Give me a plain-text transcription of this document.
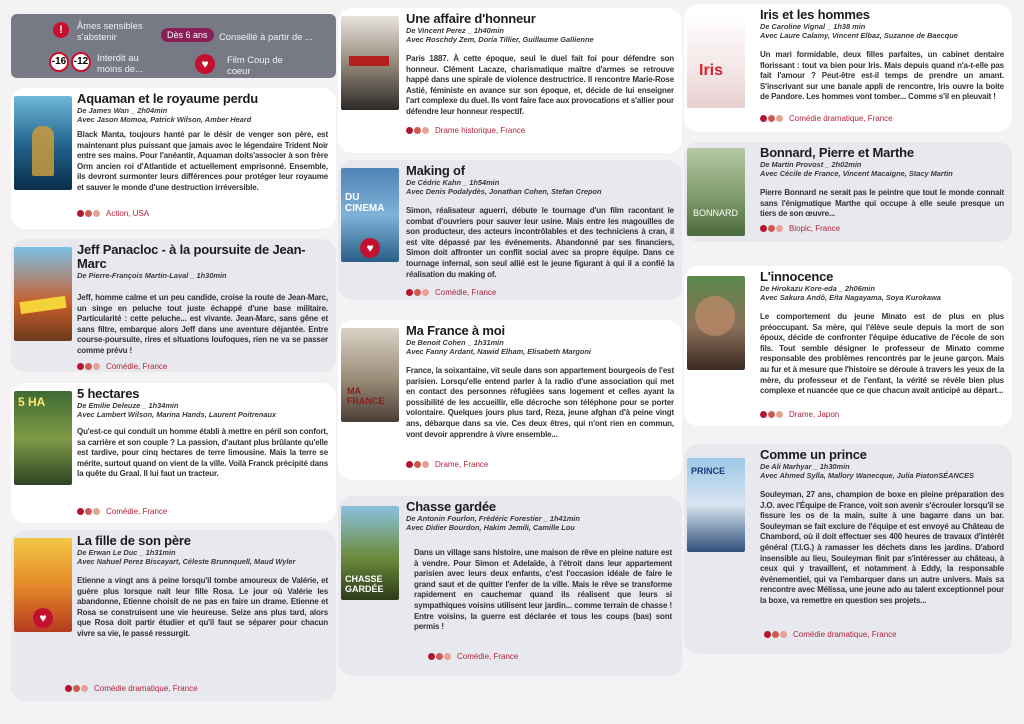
!	Âmes sensibles s'abstenir	Dès 6 ans	Conseillé à partir de ...
-16 -12 Interdit au moins de...	♥	Film Coup de coeur
Aquaman et le royaume perdu
De James Wan _ 2h04min
Avec Jason Momoa, Patrick Wilson, Amber Heard
Black Manta, toujours hanté par le désir de venger son père, est maintenant plus puissant que jamais avec le légendaire Trident Noir entre ses mains. Pour l'anéantir, Aquaman doits'associer à son frère Orm ancien roi d'Atlantide et actuellement emprisonné. Ensemble, ils devront surmonter leurs différences pour protéger leur royaume et sauver le monde d'une destruction irréversible.
Action, USA
Jeff Panacloc - à la poursuite de Jean-Marc
De Pierre-François Martin-Laval _ 1h30min
Jeff, homme calme et un peu candide, croise la route de Jean-Marc, un singe en peluche tout juste échappé d'une base militaire. Particularité : cette peluche... est vivante. Jean-Marc, sans gêne et sans filtre, embarque alors Jeff dans une aventure déjantée. Entre course-poursuite, rires et situations loufoques, rien ne va se passer comme prévu !
Comédie, France
5 HA
5 hectares
De Emilie Deleuze _ 1h34min
Avec Lambert Wilson, Marina Hands, Laurent Poitrenaux
Qu'est-ce qui conduit un homme établi à mettre en péril son confort, sa carrière et son couple ? La passion, d'autant plus brûlante qu'elle est tardive, pour cinq hectares de terre limousine. Mais la terre se mérite, surtout quand on vient de la ville. Voilà Franck précipité dans la quête du Graal. Il lui faut un tracteur.
Comédie, France
♥
La fille de son père
De Erwan Le Duc _ 1h31min
Avec Nahuel Perez Biscayart, Céleste Brunnquell, Maud Wyler
Etienne a vingt ans à peine lorsqu'il tombe amoureux de Valérie, et guère plus lorsque naît leur fille Rosa. Le jour où Valérie les abandonne, Etienne choisit de ne pas en faire un drame. Etienne et Rosa se construisent une vie heureuse. Seize ans plus tard, alors que Rosa doit partir étudier et qu'il faut se séparer pour chacun vivre sa vie, le passé ressurgit.
Comédie dramatique, France
Une affaire d'honneur
De Vincent Perez _ 1h40min
Avec Roschdy Zem, Doria Tillier, Guillaume Gallienne
Paris 1887. À cette époque, seul le duel fait foi pour défendre son honneur. Clément Lacaze, charismatique maître d'armes se retrouve happé dans une spirale de violence destructrice. Il rencontre Marie-Rose Astié, féministe en avance sur son époque, et, décide de lui enseigner l'art complexe du duel. Ils vont faire face aux provocations et s'allier pour défendre leur honneur respectif.
Drame historique, France
DU CINEMA
♥
Making of
De Cédric Kahn _ 1h54min
Avec Denis Podalydès, Jonathan Cohen, Stefan Crepon
Simon, réalisateur aguerri, débute le tournage d'un film racontant le combat d'ouvriers pour sauver leur usine. Mais entre les magouilles de son producteur, des acteurs incontrôlables et des techniciens à cran, il est vite dépassé par les événements. Abandonné par ses financiers, Simon doit affronter un conflit social avec sa propre équipe. Dans ce tournage infernal, son seul allié est le jeune figurant à qui il a confié la réalisation du making of.
Comédie, France
MA FRANCE
Ma France à moi
De Benoit Cohen _ 1h31min
Avec Fanny Ardant, Nawid Elham, Elisabeth Margoni
France, la soixantaine, vit seule dans son appartement bourgeois de l'est parisien. Lorsqu'elle entend parler à la radio d'une association qui met en contact des personnes réfugiées sans logement et celles ayant la possibilité de les accueillir, elle décroche son téléphone pour se porter volontaire. Quelques jours plus tard, Reza, jeune afghan d'à peine vingt ans, débarque dans sa vie. Ces deux êtres, qui n'ont rien en commun, vont devoir apprendre à vivre ensemble...
Drame, France
CHASSE GARDÉE
Chasse gardée
De Antonin Fourlon, Frédéric Forestier _ 1h41min
Avec Didier Bourdon, Hakim Jemili, Camille Lou
Dans un village sans histoire, une maison de rêve en pleine nature est à vendre. Pour Simon et Adelaïde, à l'étroit dans leur appartement parisien avec leurs deux enfants, c'est l'occasion idéale de faire le grand saut et de quitter l'enfer de la ville. Mais le rêve se transforme rapidement en cauchemar quand ils réalisent que leurs si sympathiques voisins utilisent leur jardin... comme terrain de chasse ! Entre voisins, la guerre est déclarée et tous les coups (bas) sont permis !
Comédie, France
Iris
Iris et les hommes
De Caroline Vignal _ 1h38 min
Avec Laure Calamy, Vincent Elbaz, Suzanne de Baecque
Un mari formidable, deux filles parfaites, un cabinet dentaire florissant : tout va bien pour Iris. Mais depuis quand n'a-t-elle pas fait l'amour ? Peut-être est-il temps de prendre un amant. S'inscrivant sur une banale appli de rencontre, Iris ouvre la boite de Pandore. Les hommes vont tomber... Comme s'il en pleuvait !
Comédie dramatique, France
BONNARD
Bonnard, Pierre et Marthe
De Martin Provost _ 2h02min
Avec Cécile de France, Vincent Macaigne, Stacy Martin
Pierre Bonnard ne serait pas le peintre que tout le monde connait sans l'énigmatique Marthe qui occupe à elle seule presque un tiers de son œuvre...
Biopic, France
L'innocence
De Hirokazu Kore-eda _ 2h06min
Avec Sakura Andô, Eita Nagayama, Soya Kurokawa
Le comportement du jeune Minato est de plus en plus préoccupant. Sa mère, qui l'élève seule depuis la mort de son époux, décide de confronter l'équipe éducative de l'école de son fils. Tout semble désigner le professeur de Minato comme responsable des problèmes rencontrés par le jeune garçon. Mais au fur et à mesure que l'histoire se déroule à travers les yeux de la mère, du professeur et de l'enfant, la vérité se révèle bien plus complexe et nuancée que ce que chacun avait anticipé au départ...
Drame, Japon
PRINCE
Comme un prince
De Ali Marhyar _ 1h30min
Avec Ahmed Sylla, Mallory Wanecque, Julia PiatonSÉANCES
Souleyman, 27 ans, champion de boxe en pleine préparation des J.O. avec l'Équipe de France, voit son avenir s'écrouler lorsqu'il se fissure les os de la main, suite à une bagarre dans un bar. Souleyman se fait exclure de l'équipe et est envoyé au Château de Chambord, où il doit effectuer ses 400 heures de travaux d'intérêt général (T.I.G.) à ramasser les déchets dans les jardins. D'abord insensible au lieu, Souleyman finit par s'intéresser au château, à ceux qui y travaillent, et notamment à Eddy, la responsable événementiel, qui va l'embarquer dans un autre univers. Mais sa rencontre avec Mélissa, une jeune ado au talent exceptionnel pour la boxe, va remettre en question ses projets...
Comédie dramatique, France
